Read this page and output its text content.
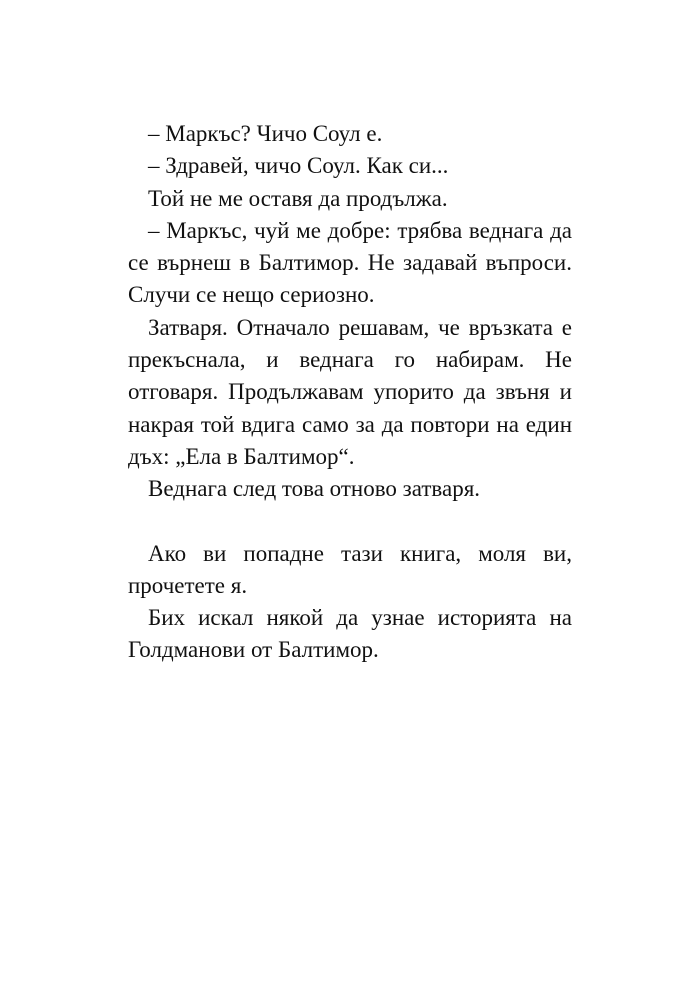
– Маркъс? Чичо Соул е.

– Здравей, чичо Соул. Как си...

Той не ме оставя да продължа.

– Маркъс, чуй ме добре: трябва веднага да се върнеш в Балтимор. Не задавай въпроси. Случи се нещо сериозно.

Затваря. Отначало решавам, че връзката е прекъснала, и веднага го набирам. Не отговаря. Продължавам упорито да звъня и накрая той вдига само за да повтори на един дъх: „Ела в Балтимор“.

Веднага след това отново затваря.

Ако ви попадне тази книга, моля ви, прочетете я.

Бих искал някой да узнае историята на Голдманови от Балтимор.
